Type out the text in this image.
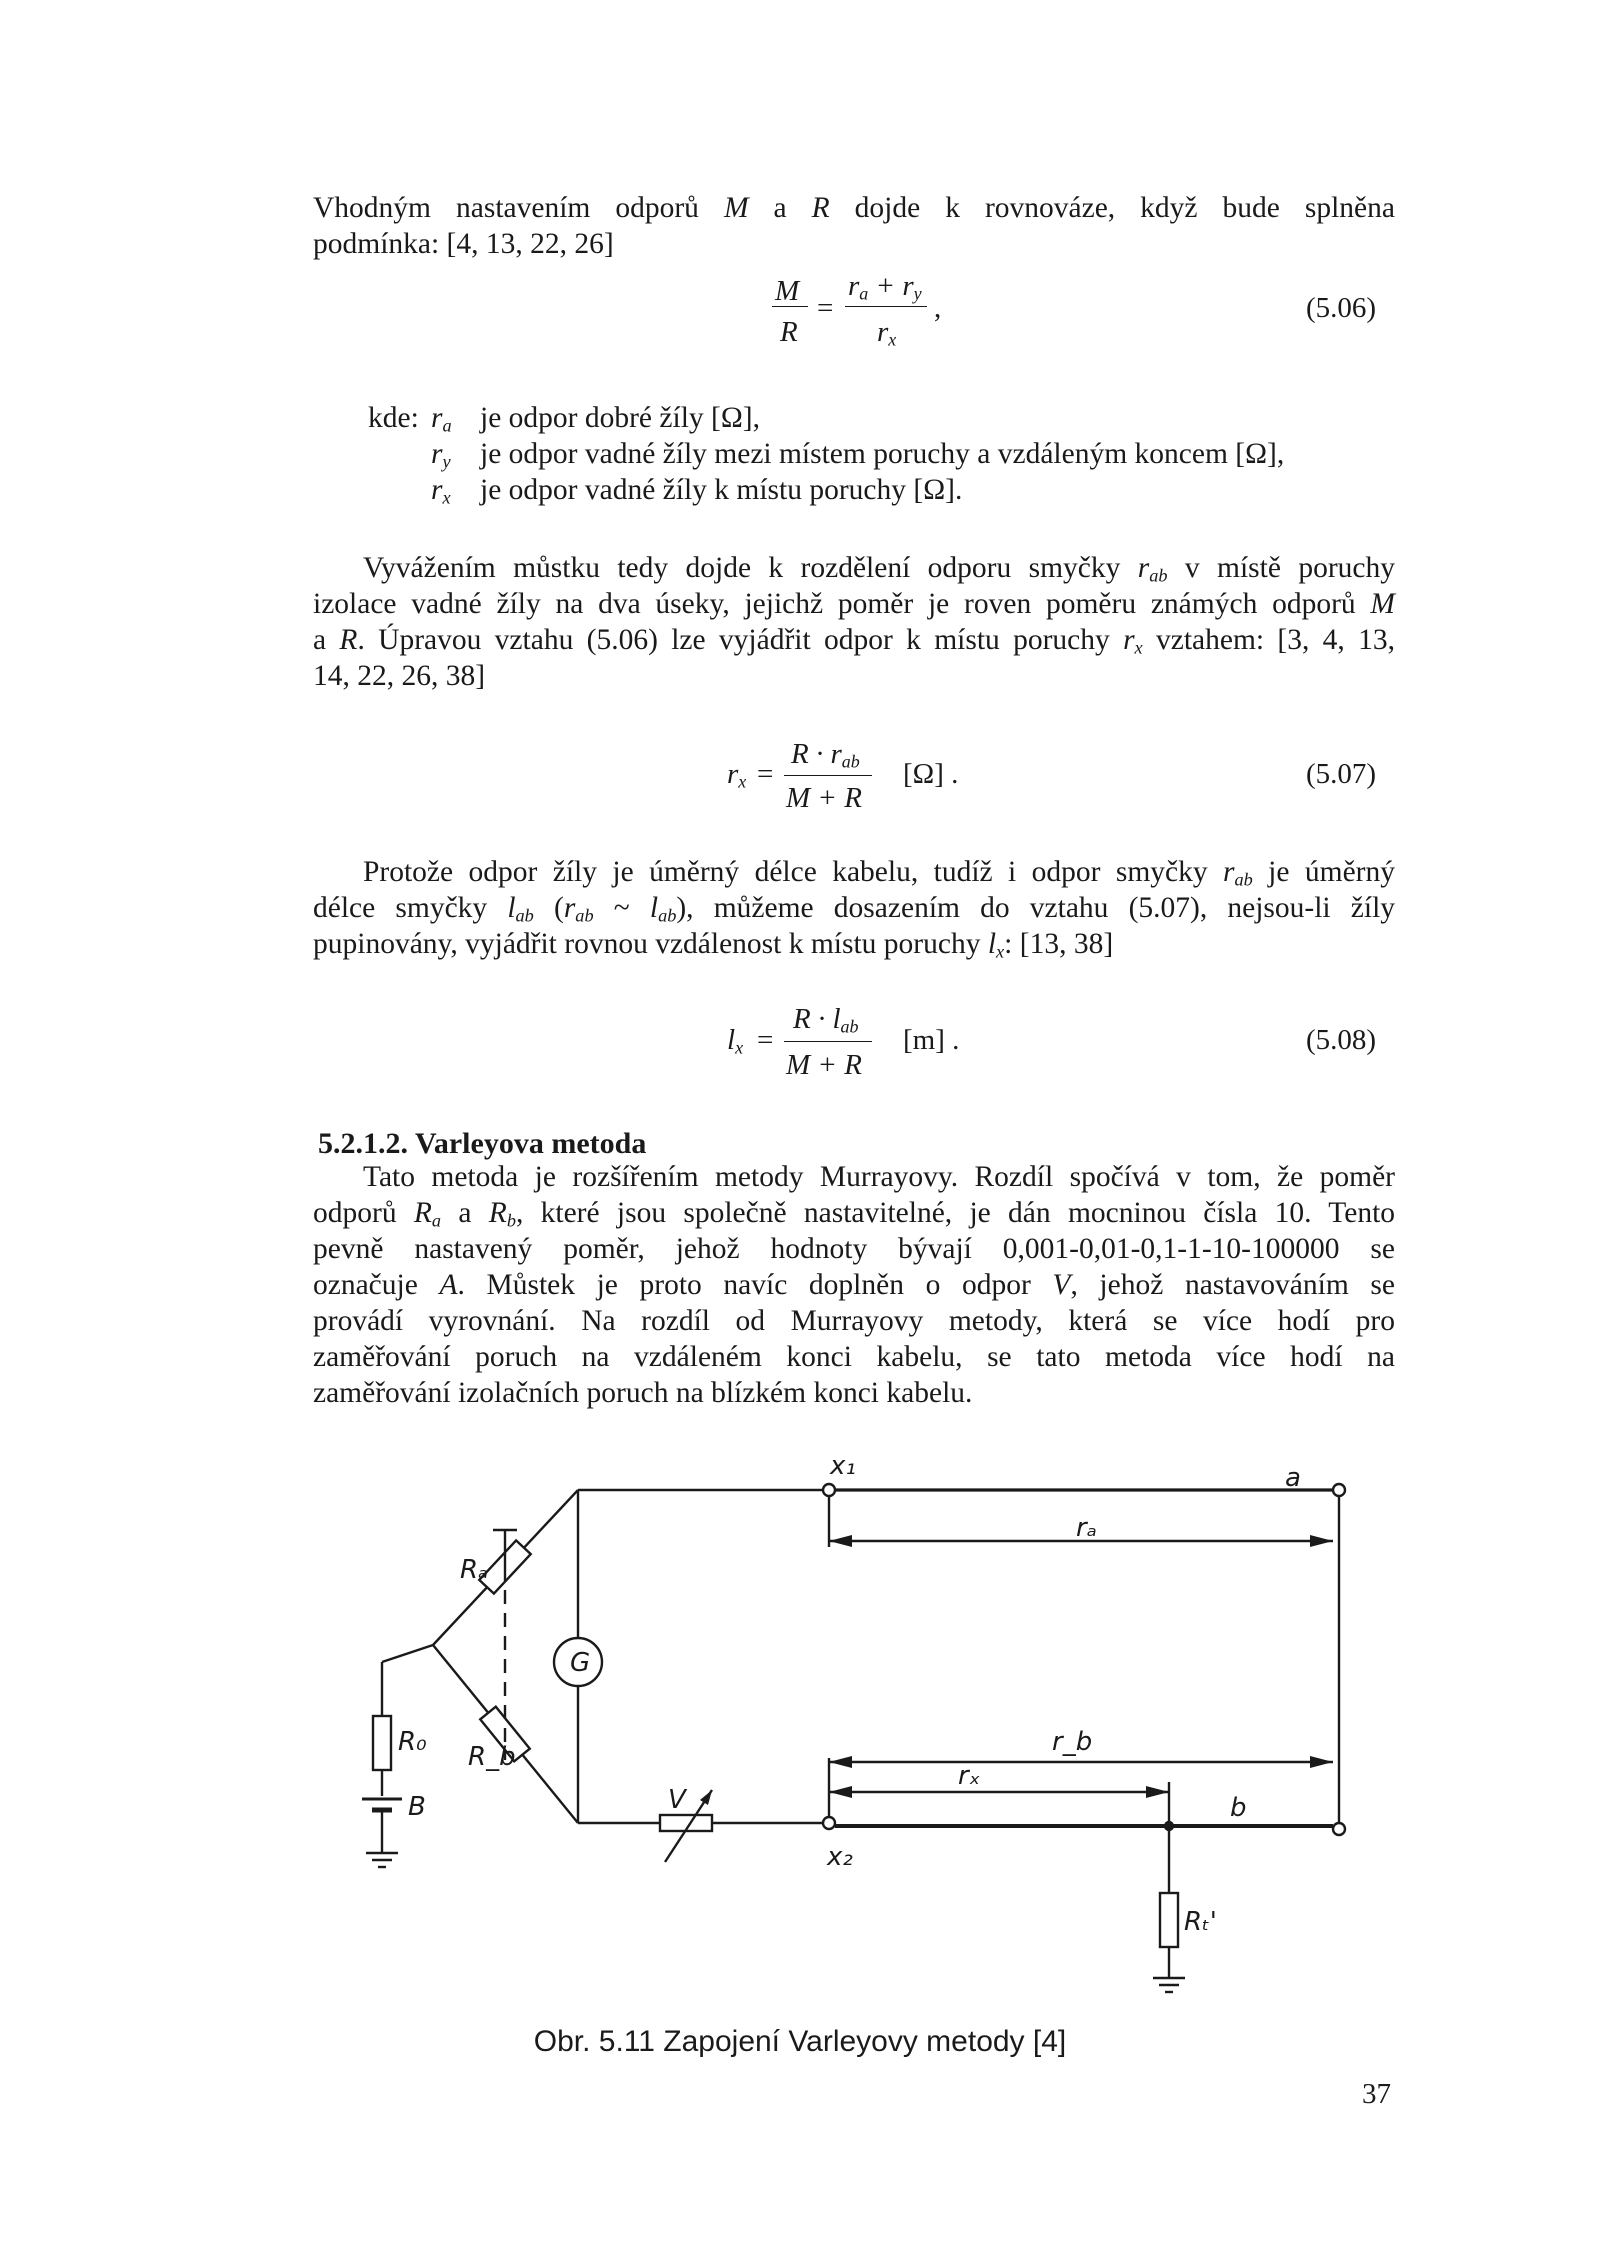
Vhodným nastavením odporů M a R dojde k rovnováze, když bude splněna
podmínka: [4, 13, 22, 26]

M
R
=
$r_a + r_y$
$r_x$
,	(5.06)
kde: $r_a$ je odpor dobré žíly [Ω],
$r_y$ je odpor vadné žíly mezi místem poruchy a vzdáleným koncem [Ω],
$r_x$ je odpor vadné žíly k místu poruchy [Ω].

Vyvážením můstku tedy dojde k rozdělení odporu smyčky $r_{ab}$ v místě poruchy
izolace vadné žíly na dva úseky, jejichž poměr je roven poměru známých odporů M
a R. Úpravou vztahu (5.06) lze vyjádřit odpor k místu poruchy $r_x$ vztahem: [3, 4, 13,
14, 22, 26, 38]

$r_x$ =
$R \cdot r_{ab}$
M + R
[Ω] .	(5.07)

Protože odpor žíly je úměrný délce kabelu, tudíž i odpor smyčky $r_{ab}$ je úměrný
délce smyčky $l_{ab}$ ($r_{ab}$ ~ $l_{ab}$), můžeme dosazením do vztahu (5.07), nejsou-li žíly
pupinovány, vyjádřit rovnou vzdálenost k místu poruchy $l_x$: [13, 38]

$l_x$ =
$R \cdot l_{ab}$
M + R
[m] .	(5.08)
5.2.1.2. Varleyova metoda

Tato metoda je rozšířením metody Murrayovy. Rozdíl spočívá v tom, že poměr
odporů $R_a$ a $R_b$, které jsou společně nastavitelné, je dán mocninou čísla 10. Tento
pevně nastavený poměr, jehož hodnoty bývají 0,001-0,01-0,1-1-10-100000 se
označuje A. Můstek je proto navíc doplněn o odpor V, jehož nastavováním se
provádí vyrovnání. Na rozdíl od Murrayovy metody, která se více hodí pro
zaměřování poruch na vzdáleném konci kabelu, se tato metoda více hodí na
zaměřování izolačních poruch na blízkém konci kabelu.

x₁	a
rₐ
Rₐ
G
R₀ R_b
B	V
r_b
rₓ
b
x₂
Rₜ'
Obr. 5.11 Zapojení Varleyovy metody [4]
37
